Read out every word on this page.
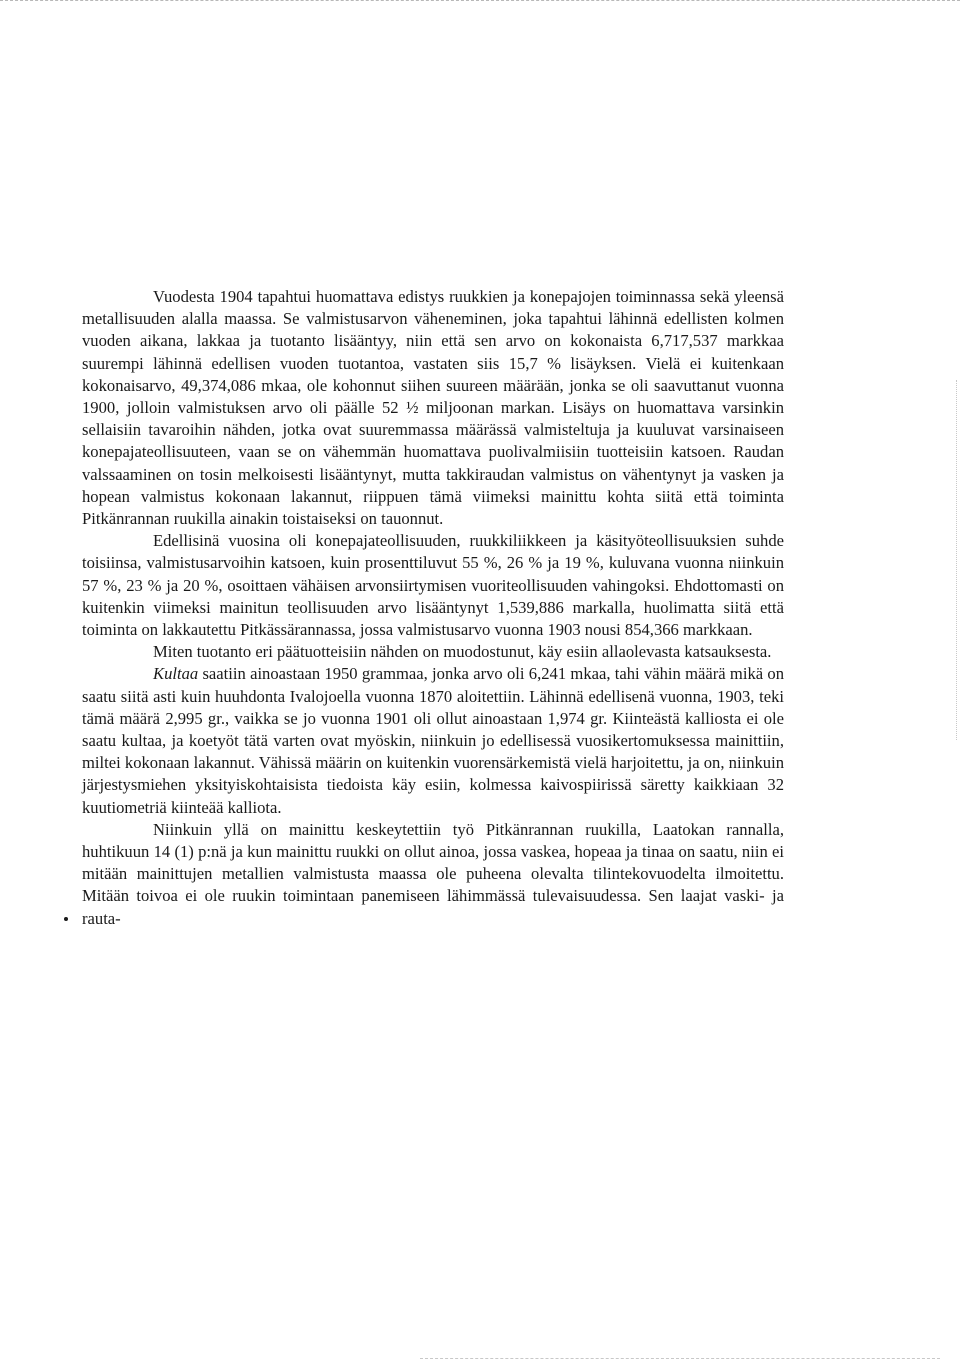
Vuodesta 1904 tapahtui huomattava edistys ruukkien ja konepajojen toiminnassa sekä yleensä metallisuuden alalla maassa. Se valmistusarvon väheneminen, joka tapahtui lähinnä edellisten kolmen vuoden aikana, lakkaa ja tuotanto lisääntyy, niin että sen arvo on kokonaista 6,717,537 markkaa suurempi lähinnä edellisen vuoden tuotantoa, vastaten siis 15,7 % lisäyksen. Vielä ei kuitenkaan kokonaisarvo, 49,374,086 mkaa, ole kohonnut siihen suureen määrään, jonka se oli saavuttanut vuonna 1900, jolloin valmistuksen arvo oli päälle 52 ½ miljoonan markan. Lisäys on huomattava varsinkin sellaisiin tavaroihin nähden, jotka ovat suuremmassa määrässä valmisteltuja ja kuuluvat varsinaiseen konepajateollisuuteen, vaan se on vähemmän huomattava puolivalmiisiin tuotteisiin katsoen. Raudan valssaaminen on tosin melkoisesti lisääntynyt, mutta takkiraudan valmistus on vähentynyt ja vasken ja hopean valmistus kokonaan lakannut, riippuen tämä viimeksi mainittu kohta siitä että toiminta Pitkänrannan ruukilla ainakin toistaiseksi on tauonnut.

Edellisinä vuosina oli konepajateollisuuden, ruukkiliikkeen ja käsityöteollisuuksien suhde toisiinsa, valmistusarvoihin katsoen, kuin prosenttiluvut 55 %, 26 % ja 19 %, kuluvana vuonna niinkuin 57 %, 23 % ja 20 %, osoittaen vähäisen arvonsiirtymisen vuoriteollisuuden vahingoksi. Ehdottomasti on kuitenkin viimeksi mainitun teollisuuden arvo lisääntynyt 1,539,886 markalla, huolimatta siitä että toiminta on lakkautettu Pitkässärannassa, jossa valmistusarvo vuonna 1903 nousi 854,366 markkaan.

Miten tuotanto eri päätuotteisiin nähden on muodostunut, käy esiin allaolevasta katsauksesta.

Kultaa saatiin ainoastaan 1950 grammaa, jonka arvo oli 6,241 mkaa, tahi vähin määrä mikä on saatu siitä asti kuin huuhdonta Ivalojoella vuonna 1870 aloitettiin. Lähinnä edellisenä vuonna, 1903, teki tämä määrä 2,995 gr., vaikka se jo vuonna 1901 oli ollut ainoastaan 1,974 gr. Kiinteästä kalliosta ei ole saatu kultaa, ja koetyöt tätä varten ovat myöskin, niinkuin jo edellisessä vuosikertomuksessa mainittiin, miltei kokonaan lakannut. Vähissä määrin on kuitenkin vuorensärkemistä vielä harjoitettu, ja on, niinkuin järjestysmiehen yksityiskohtaisista tiedoista käy esiin, kolmessa kaivospiirissä säretty kaikkiaan 32 kuutiometriä kiinteää kalliota.

Niinkuin yllä on mainittu keskeytettiin työ Pitkänrannan ruukilla, Laatokan rannalla, huhtikuun 14 (1) p:nä ja kun mainittu ruukki on ollut ainoa, jossa vaskea, hopeaa ja tinaa on saatu, niin ei mitään mainittujen metallien valmistusta maassa ole puheena olevalta tilintekovuodelta ilmoitettu. Mitään toivoa ei ole ruukin toimintaan panemiseen lähimmässä tulevaisuudessa. Sen laajat vaski- ja rauta-
